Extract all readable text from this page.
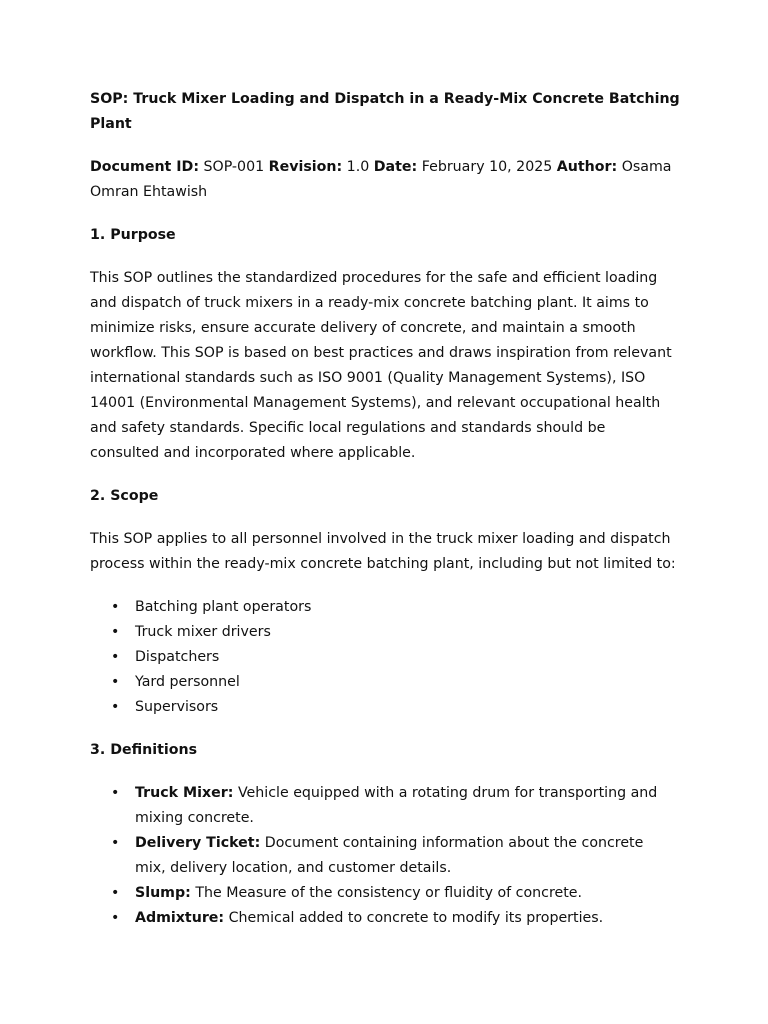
SOP: Truck Mixer Loading and Dispatch in a Ready-Mix Concrete Batching Plant

Document ID: SOP-001 Revision: 1.0 Date: February 10, 2025 Author: Osama Omran Ehtawish

1. Purpose

This SOP outlines the standardized procedures for the safe and efficient loading and dispatch of truck mixers in a ready-mix concrete batching plant. It aims to minimize risks, ensure accurate delivery of concrete, and maintain a smooth workflow. This SOP is based on best practices and draws inspiration from relevant international standards such as ISO 9001 (Quality Management Systems), ISO 14001 (Environmental Management Systems), and relevant occupational health and safety standards. Specific local regulations and standards should be consulted and incorporated where applicable.

2. Scope

This SOP applies to all personnel involved in the truck mixer loading and dispatch process within the ready-mix concrete batching plant, including but not limited to:

• Batching plant operators
• Truck mixer drivers
• Dispatchers
• Yard personnel
• Supervisors
3. Definitions
• Truck Mixer: Vehicle equipped with a rotating drum for transporting and mixing concrete.
• Delivery Ticket: Document containing information about the concrete mix, delivery location, and customer details.
• Slump: The Measure of the consistency or fluidity of concrete.
• Admixture: Chemical added to concrete to modify its properties.
